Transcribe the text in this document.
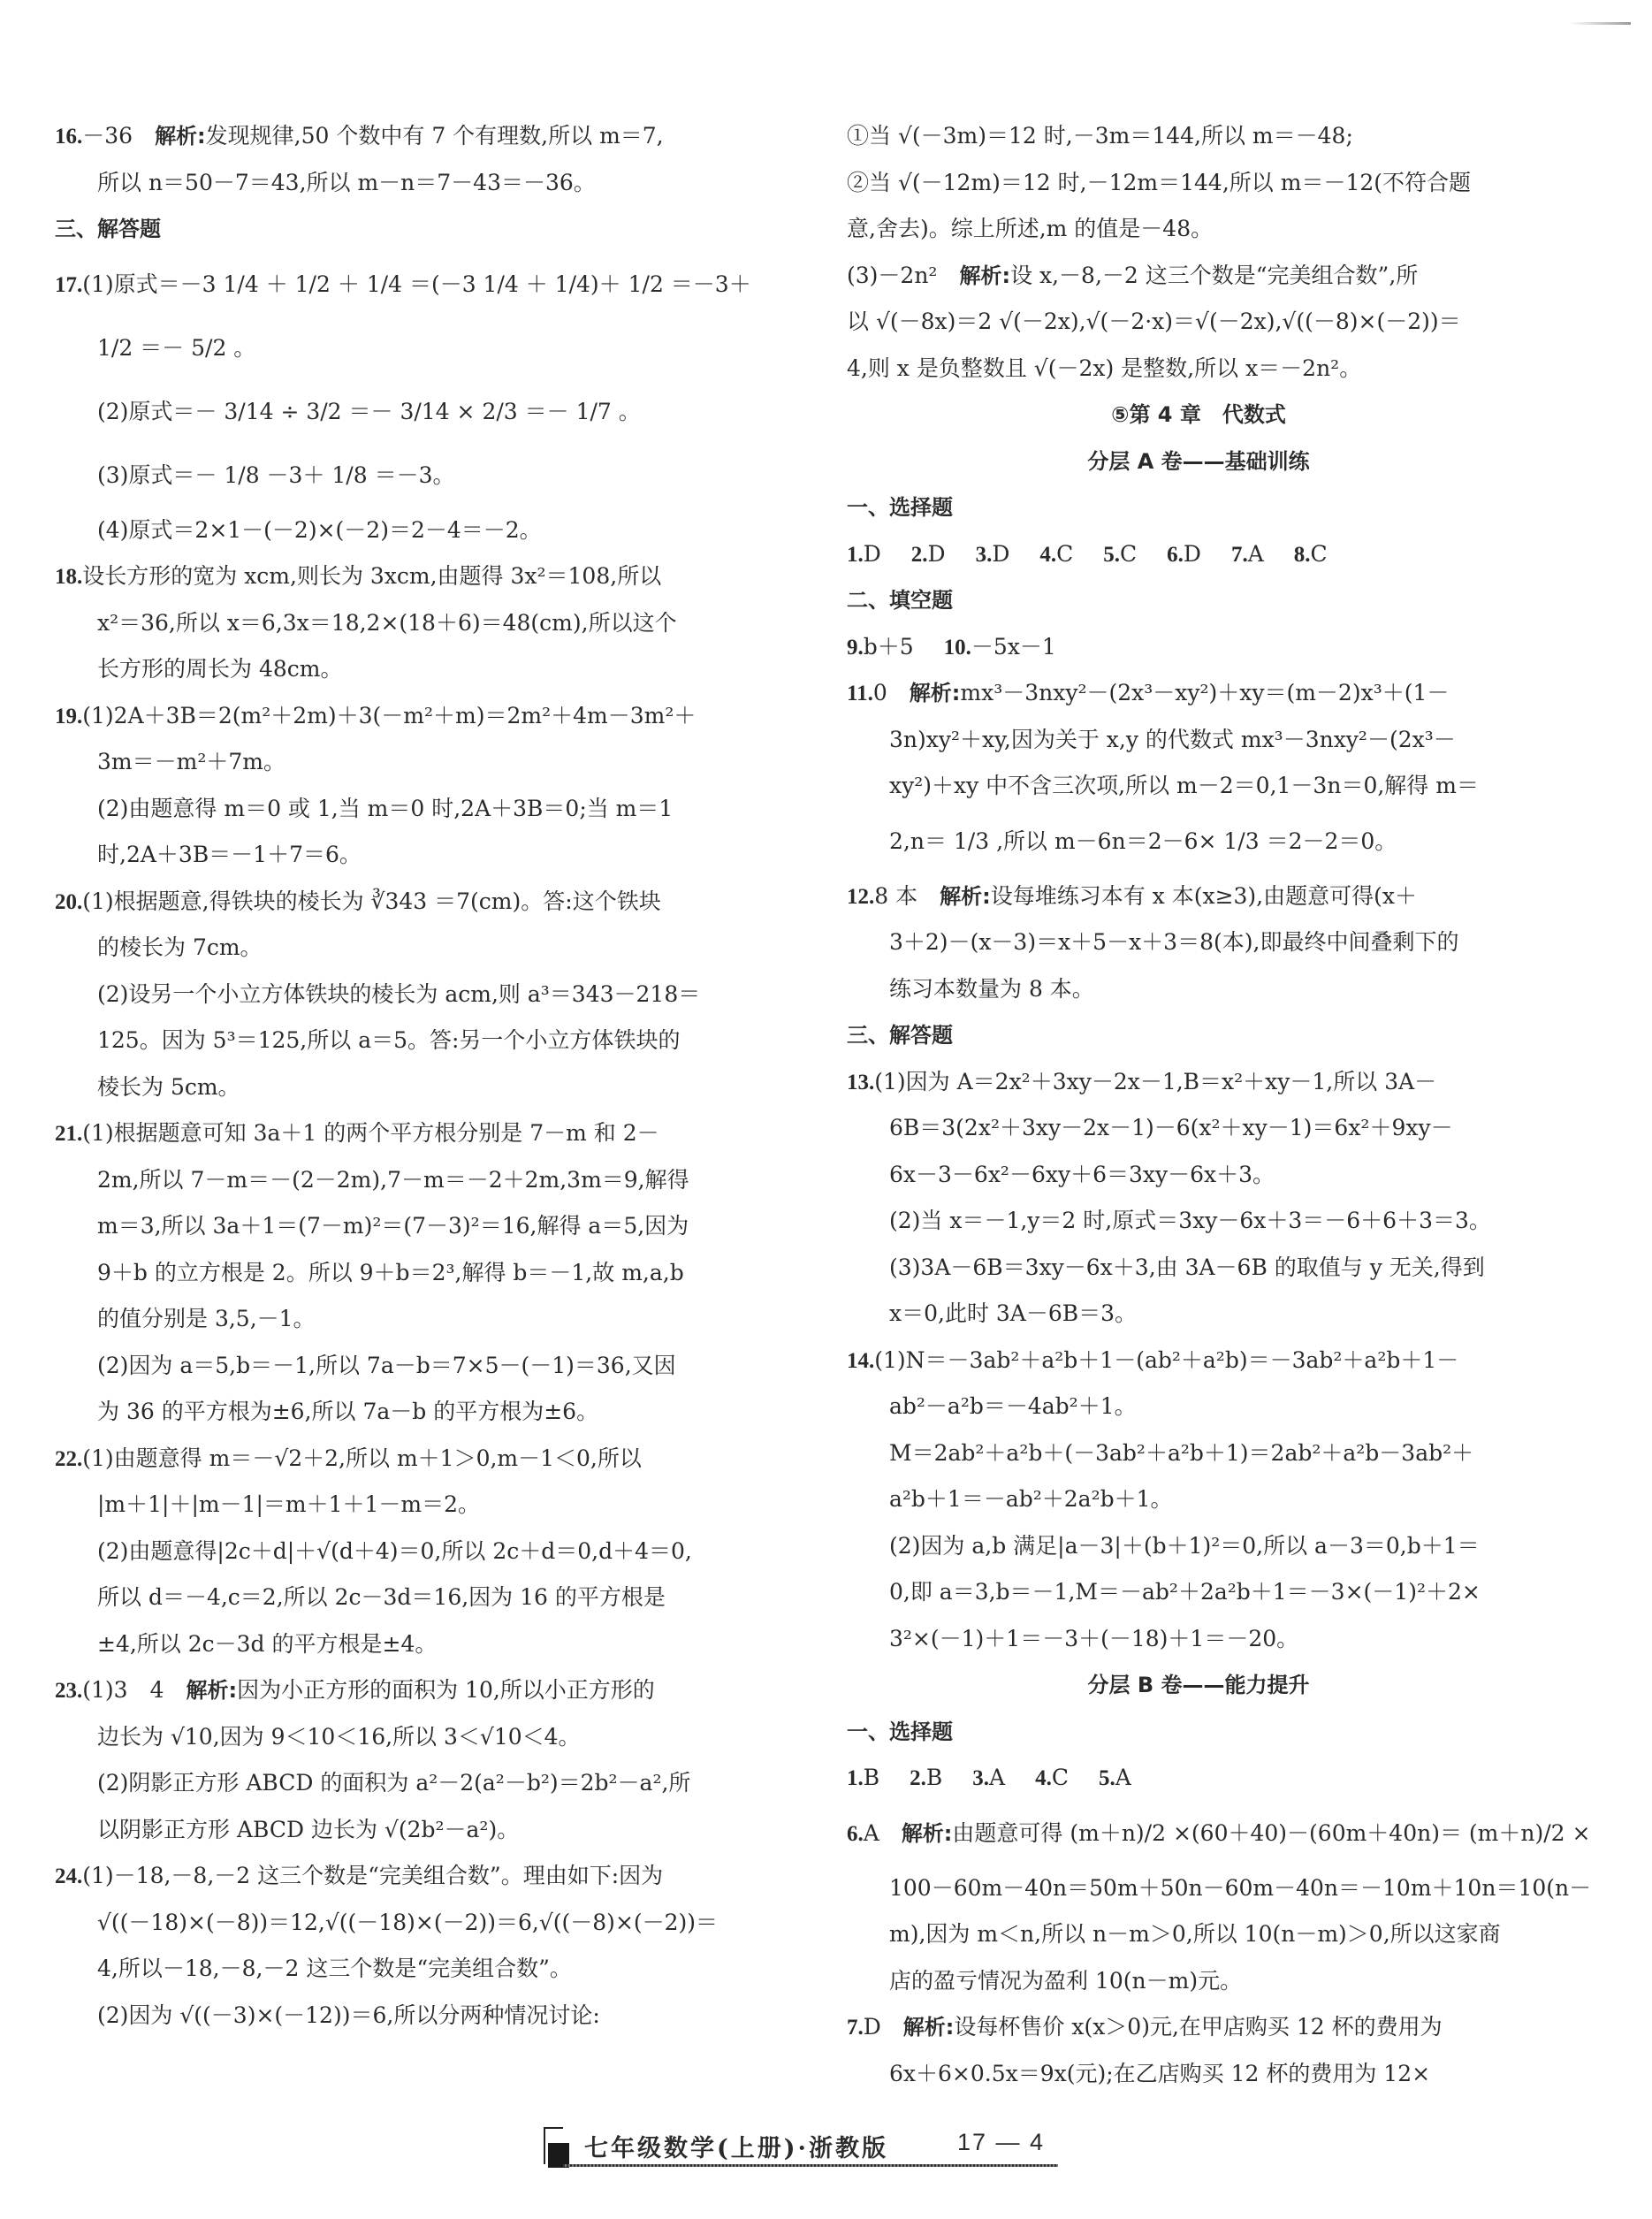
16.－36　解析:发现规律,50 个数中有 7 个有理数,所以 m＝7,
所以 n＝50－7＝43,所以 m－n＝7－43＝－36。
三、解答题
17.(1)原式＝－3 1/4 ＋ 1/2 ＋ 1/4 ＝(－3 1/4 ＋ 1/4)＋ 1/2 ＝－3＋
1/2 ＝－ 5/2 。
(2)原式＝－ 3/14 ÷ 3/2 ＝－ 3/14 × 2/3 ＝－ 1/7 。
(3)原式＝－ 1/8 －3＋ 1/8 ＝－3。
(4)原式＝2×1－(－2)×(－2)＝2－4＝－2。
18.设长方形的宽为 xcm,则长为 3xcm,由题得 3x²＝108,所以
x²＝36,所以 x＝6,3x＝18,2×(18＋6)＝48(cm),所以这个
长方形的周长为 48cm。
19.(1)2A＋3B＝2(m²＋2m)＋3(－m²＋m)＝2m²＋4m－3m²＋
3m＝－m²＋7m。
(2)由题意得 m＝0 或 1,当 m＝0 时,2A＋3B＝0;当 m＝1
时,2A＋3B＝－1＋7＝6。
20.(1)根据题意,得铁块的棱长为 ∛343 ＝7(cm)。答:这个铁块
的棱长为 7cm。
(2)设另一个小立方体铁块的棱长为 acm,则 a³＝343－218＝
125。因为 5³＝125,所以 a＝5。答:另一个小立方体铁块的
棱长为 5cm。
21.(1)根据题意可知 3a＋1 的两个平方根分别是 7－m 和 2－
2m,所以 7－m＝－(2－2m),7－m＝－2＋2m,3m＝9,解得
m＝3,所以 3a＋1＝(7－m)²＝(7－3)²＝16,解得 a＝5,因为
9＋b 的立方根是 2。所以 9＋b＝2³,解得 b＝－1,故 m,a,b
的值分别是 3,5,－1。
(2)因为 a＝5,b＝－1,所以 7a－b＝7×5－(－1)＝36,又因
为 36 的平方根为±6,所以 7a－b 的平方根为±6。
22.(1)由题意得 m＝－√2＋2,所以 m＋1＞0,m－1＜0,所以
|m＋1|＋|m－1|＝m＋1＋1－m＝2。
(2)由题意得|2c＋d|＋√(d＋4)＝0,所以 2c＋d＝0,d＋4＝0,
所以 d＝－4,c＝2,所以 2c－3d＝16,因为 16 的平方根是
±4,所以 2c－3d 的平方根是±4。
23.(1)3　4　解析:因为小正方形的面积为 10,所以小正方形的
边长为 √10,因为 9＜10＜16,所以 3＜√10＜4。
(2)阴影正方形 ABCD 的面积为 a²－2(a²－b²)＝2b²－a²,所
以阴影正方形 ABCD 边长为 √(2b²－a²)。
24.(1)－18,－8,－2 这三个数是“完美组合数”。理由如下:因为
√((－18)×(－8))＝12,√((－18)×(－2))＝6,√((－8)×(－2))＝
4,所以－18,－8,－2 这三个数是“完美组合数”。
(2)因为 √((－3)×(－12))＝6,所以分两种情况讨论:
①当 √(－3m)＝12 时,－3m＝144,所以 m＝－48;
②当 √(－12m)＝12 时,－12m＝144,所以 m＝－12(不符合题
意,舍去)。综上所述,m 的值是－48。
(3)－2n²　解析:设 x,－8,－2 这三个数是“完美组合数”,所
以 √(－8x)＝2 √(－2x),√(－2·x)＝√(－2x),√((－8)×(－2))＝
4,则 x 是负整数且 √(－2x) 是整数,所以 x＝－2n²。
⑤第 4 章　代数式
分层 A 卷——基础训练
一、选择题
1.D 2.D 3.D 4.C 5.C 6.D 7.A 8.C
二、填空题
9.b＋5 10.－5x－1
11.0　解析:mx³－3nxy²－(2x³－xy²)＋xy＝(m－2)x³＋(1－
3n)xy²＋xy,因为关于 x,y 的代数式 mx³－3nxy²－(2x³－
xy²)＋xy 中不含三次项,所以 m－2＝0,1－3n＝0,解得 m＝
2,n＝ 1/3 ,所以 m－6n＝2－6× 1/3 ＝2－2＝0。
12.8 本　解析:设每堆练习本有 x 本(x≥3),由题意可得(x＋
3＋2)－(x－3)＝x＋5－x＋3＝8(本),即最终中间叠剩下的
练习本数量为 8 本。
三、解答题
13.(1)因为 A＝2x²＋3xy－2x－1,B＝x²＋xy－1,所以 3A－
6B＝3(2x²＋3xy－2x－1)－6(x²＋xy－1)＝6x²＋9xy－
6x－3－6x²－6xy＋6＝3xy－6x＋3。
(2)当 x＝－1,y＝2 时,原式＝3xy－6x＋3＝－6＋6＋3＝3。
(3)3A－6B＝3xy－6x＋3,由 3A－6B 的取值与 y 无关,得到
x＝0,此时 3A－6B＝3。
14.(1)N＝－3ab²＋a²b＋1－(ab²＋a²b)＝－3ab²＋a²b＋1－
ab²－a²b＝－4ab²＋1。
M＝2ab²＋a²b＋(－3ab²＋a²b＋1)＝2ab²＋a²b－3ab²＋
a²b＋1＝－ab²＋2a²b＋1。
(2)因为 a,b 满足|a－3|＋(b＋1)²＝0,所以 a－3＝0,b＋1＝
0,即 a＝3,b＝－1,M＝－ab²＋2a²b＋1＝－3×(－1)²＋2×
3²×(－1)＋1＝－3＋(－18)＋1＝－20。
分层 B 卷——能力提升
一、选择题
1.B 2.B 3.A 4.C 5.A
6.A　解析:由题意可得 (m＋n)/2 ×(60＋40)－(60m＋40n)＝ (m＋n)/2 ×
100－60m－40n＝50m＋50n－60m－40n＝－10m＋10n＝10(n－
m),因为 m＜n,所以 n－m＞0,所以 10(n－m)＞0,所以这家商
店的盈亏情况为盈利 10(n－m)元。
7.D　解析:设每杯售价 x(x＞0)元,在甲店购买 12 杯的费用为
6x＋6×0.5x＝9x(元);在乙店购买 12 杯的费用为 12×
七年级数学(上册)·浙教版	17 — 4
